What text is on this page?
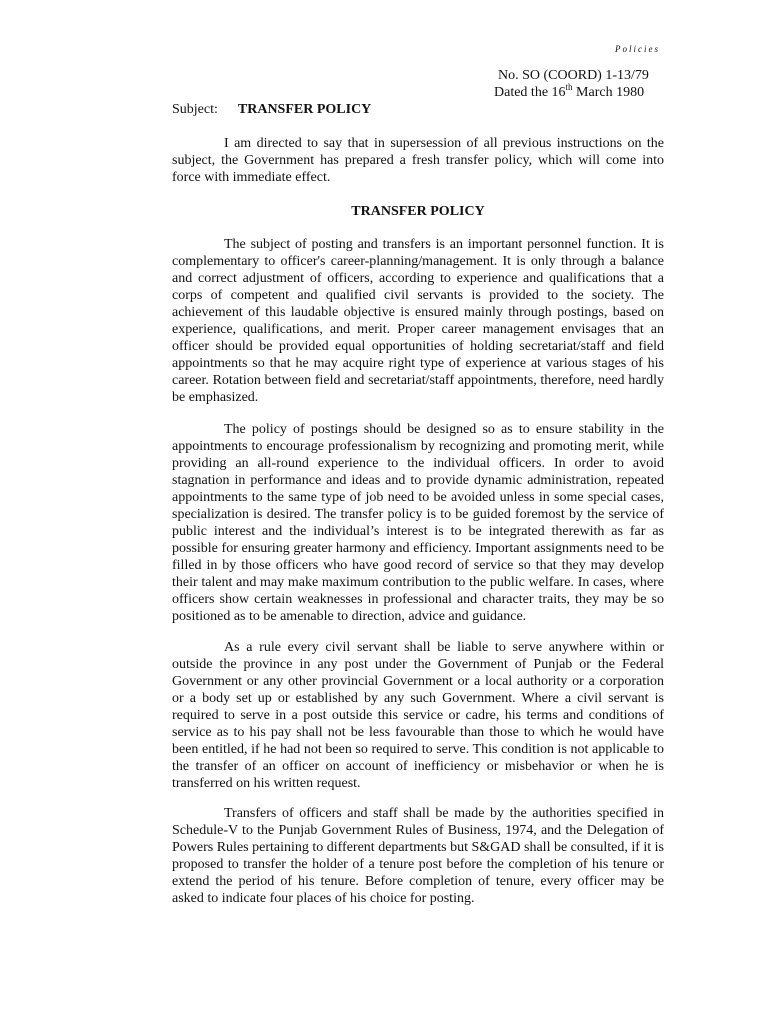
Policies
No. SO (COORD) 1-13/79
Dated the 16th March 1980
Subject: TRANSFER POLICY

I am directed to say that in supersession of all previous instructions on the subject, the Government has prepared a fresh transfer policy, which will come into force with immediate effect.

TRANSFER POLICY

The subject of posting and transfers is an important personnel function. It is complementary to officer's career-planning/management. It is only through a balance and correct adjustment of officers, according to experience and qualifications that a corps of competent and qualified civil servants is provided to the society. The achievement of this laudable objective is ensured mainly through postings, based on experience, qualifications, and merit. Proper career management envisages that an officer should be provided equal opportunities of holding secretariat/staff and field appointments so that he may acquire right type of experience at various stages of his career. Rotation between field and secretariat/staff appointments, therefore, need hardly be emphasized.

The policy of postings should be designed so as to ensure stability in the appointments to encourage professionalism by recognizing and promoting merit, while providing an all-round experience to the individual officers. In order to avoid stagnation in performance and ideas and to provide dynamic administration, repeated appointments to the same type of job need to be avoided unless in some special cases, specialization is desired. The transfer policy is to be guided foremost by the service of public interest and the individual’s interest is to be integrated therewith as far as possible for ensuring greater harmony and efficiency. Important assignments need to be filled in by those officers who have good record of service so that they may develop their talent and may make maximum contribution to the public welfare. In cases, where officers show certain weaknesses in professional and character traits, they may be so positioned as to be amenable to direction, advice and guidance.

As a rule every civil servant shall be liable to serve anywhere within or outside the province in any post under the Government of Punjab or the Federal Government or any other provincial Government or a local authority or a corporation or a body set up or established by any such Government. Where a civil servant is required to serve in a post outside this service or cadre, his terms and conditions of service as to his pay shall not be less favourable than those to which he would have been entitled, if he had not been so required to serve. This condition is not applicable to the transfer of an officer on account of inefficiency or misbehavior or when he is transferred on his written request.

Transfers of officers and staff shall be made by the authorities specified in Schedule-V to the Punjab Government Rules of Business, 1974, and the Delegation of Powers Rules pertaining to different departments but S&GAD shall be consulted, if it is proposed to transfer the holder of a tenure post before the completion of his tenure or extend the period of his tenure. Before completion of tenure, every officer may be asked to indicate four places of his choice for posting.
